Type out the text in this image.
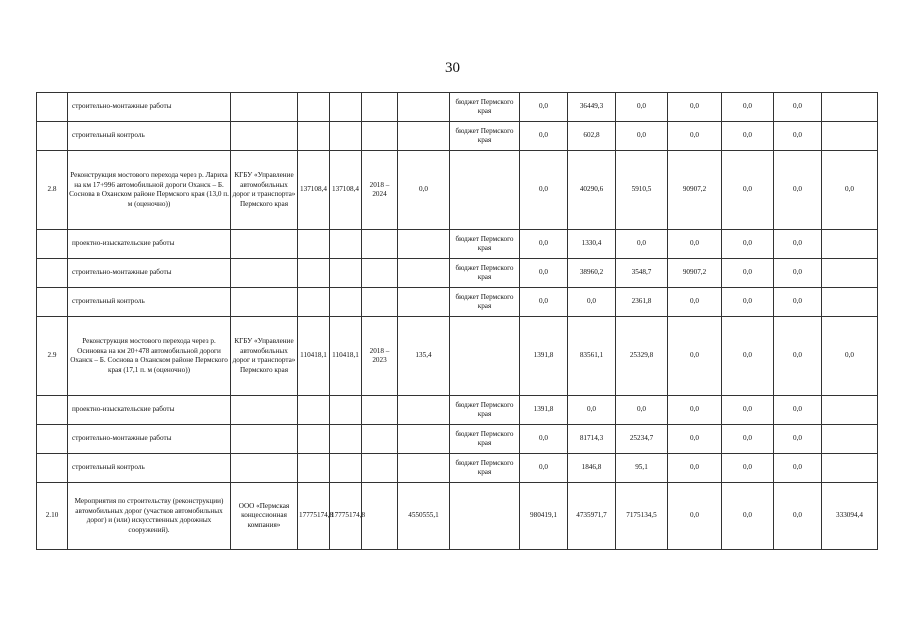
30
	строительно-монтажные работы						бюджет Пермского края	0,0	36449,3	0,0	0,0	0,0	0,0	
	строительный контроль						бюджет Пермского края	0,0	602,8	0,0	0,0	0,0	0,0	
2.8	Реконструкция мостового перехода через р. Лариха на км 17+996 автомобильной дороги Оханск – Б. Соснова в Оханском районе Пермского края (13,0 п. м (оценочно))	КГБУ «Управление автомобильных дорог и транспорта» Пермского края	137108,4	137108,4	2018 – 2024	0,0		0,0	40290,6	5910,5	90907,2	0,0	0,0	0,0
	проектно-изыскательские работы						бюджет Пермского края	0,0	1330,4	0,0	0,0	0,0	0,0	
	строительно-монтажные работы						бюджет Пермского края	0,0	38960,2	3548,7	90907,2	0,0	0,0	
	строительный контроль						бюджет Пермского края	0,0	0,0	2361,8	0,0	0,0	0,0	
2.9	Реконструкция мостового перехода через р. Осиновка на км 20+478 автомобильной дороги Оханск – Б. Соснова в Оханском районе Пермского края (17,1 п. м (оценочно))	КГБУ «Управление автомобильных дорог и транспорта» Пермского края	110418,1	110418,1	2018 – 2023	135,4		1391,8	83561,1	25329,8	0,0	0,0	0,0	0,0
	проектно-изыскательские работы						бюджет Пермского края	1391,8	0,0	0,0	0,0	0,0	0,0	
	строительно-монтажные работы						бюджет Пермского края	0,0	81714,3	25234,7	0,0	0,0	0,0	
	строительный контроль						бюджет Пермского края	0,0	1846,8	95,1	0,0	0,0	0,0	
2.10	Мероприятия по строительству (реконструкции) автомобильных дорог (участков автомобильных дорог) и (или) искусственных дорожных сооружений).	ООО «Пермская концессионная компания»	17775174,8	17775174,8		4550555,1		980419,1	4735971,7	7175134,5	0,0	0,0	0,0	333094,4
